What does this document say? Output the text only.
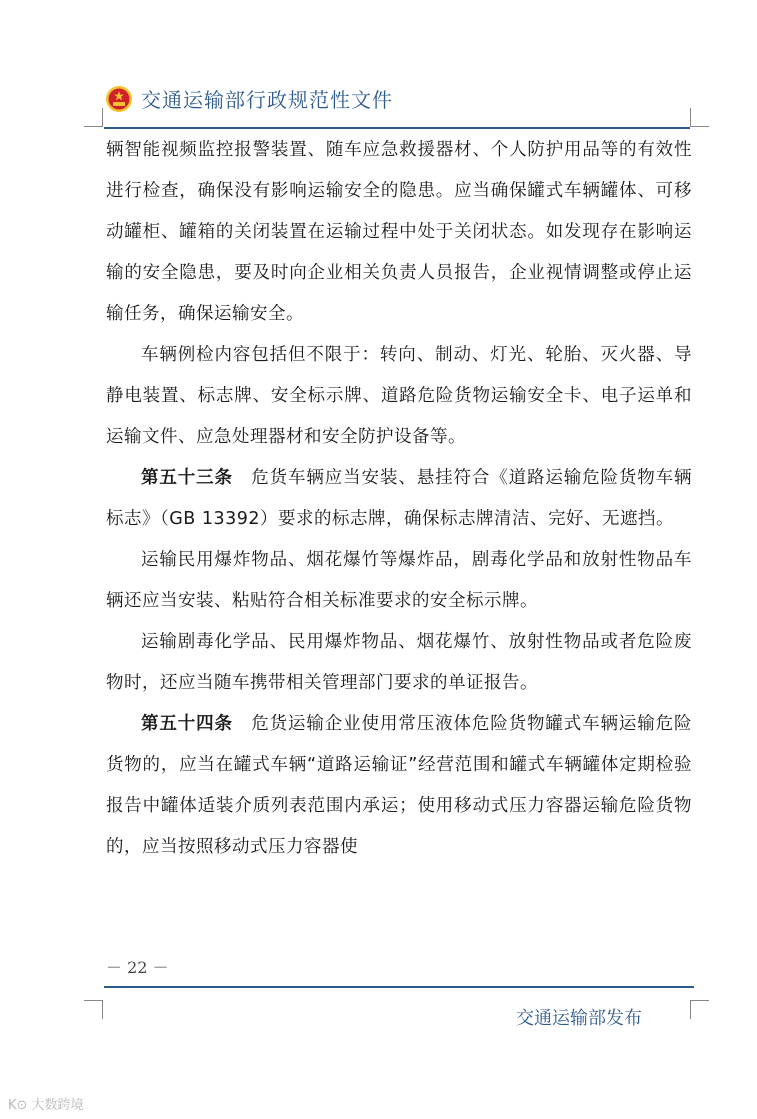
交通运输部行政规范性文件

辆智能视频监控报警装置、随车应急救援器材、个人防护用品等的有效性进行检查，确保没有影响运输安全的隐患。应当确保罐式车辆罐体、可移动罐柜、罐箱的关闭装置在运输过程中处于关闭状态。如发现存在影响运输的安全隐患，要及时向企业相关负责人员报告，企业视情调整或停止运输任务，确保运输安全。

车辆例检内容包括但不限于：转向、制动、灯光、轮胎、灭火器、导静电装置、标志牌、安全标示牌、道路危险货物运输安全卡、电子运单和运输文件、应急处理器材和安全防护设备等。

第五十三条　危货车辆应当安装、悬挂符合《道路运输危险货物车辆标志》（GB 13392）要求的标志牌，确保标志牌清洁、完好、无遮挡。

运输民用爆炸物品、烟花爆竹等爆炸品，剧毒化学品和放射性物品车辆还应当安装、粘贴符合相关标准要求的安全标示牌。

运输剧毒化学品、民用爆炸物品、烟花爆竹、放射性物品或者危险废物时，还应当随车携带相关管理部门要求的单证报告。

第五十四条　危货运输企业使用常压液体危险货物罐式车辆运输危险货物的，应当在罐式车辆“道路运输证”经营范围和罐式车辆罐体定期检验报告中罐体适装介质列表范围内承运；使用移动式压力容器运输危险货物的，应当按照移动式压力容器使

－ 22 －
交通运输部发布
K⊙ 大数跨境
